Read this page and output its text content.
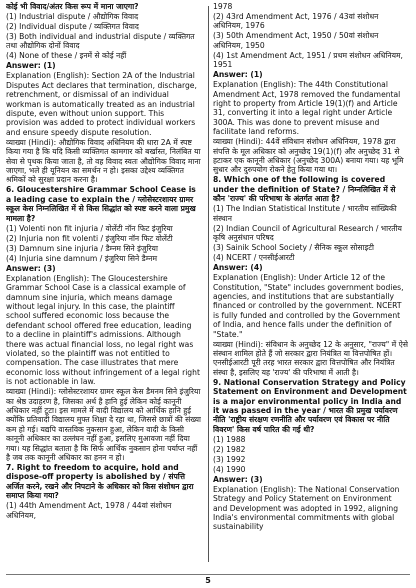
कोई भी विवाद/अंतर किस रूप में माना जाएगा?

(1) Industrial dispute / औद्योगिक विवाद

(2) Individual dispute / व्यक्तिगत विवाद

(3) Both individual and industrial dispute / व्यक्तिगत तथा औद्योगिक दोनों विवाद

(4) None of these / इनमें से कोई नहीं

Answer: (1)

Explanation (English): Section 2A of the Industrial Disputes Act declares that termination, discharge, retrenchment, or dismissal of an individual workman is automatically treated as an industrial dispute, even without union support. This provision was added to protect individual workers and ensure speedy dispute resolution.

व्याख्या (Hindi): औद्योगिक विवाद अधिनियम की धारा 2A में स्पष्ट किया गया है कि यदि किसी व्यक्तिगत कामगार को बर्खास्त, निलंबित या सेवा से पृथक किया जाता है, तो वह विवाद स्वतः औद्योगिक विवाद माना जाएगा, भले ही यूनियन का समर्थन न हो। इसका उद्देश्य व्यक्तिगत श्रमिकों को सुरक्षा प्रदान करना है।

6. Gloucestershire Grammar School Cease is a leading case to explain the / ग्लोसेस्टरशायर ग्रामर स्कूल केस निम्नलिखित में से किस सिद्धांत को स्पष्ट करने वाला प्रमुख मामला है?

(1) Volenti non fit injuria / वोलेंटी नॉन फिट इंजुरिया

(2) Injuria non fit volenti / इंजुरिया नॉन फिट वोलेंटी

(3) Damnum sine injuria / डैम्नम सिने इंजुरिया

(4) Injuria sine damnum / इंजुरिया सिने डैम्नम

Answer: (3)

Explanation (English): The Gloucestershire Grammar School Case is a classical example of damnum sine injuria, which means damage without legal injury. In this case, the plaintiff school suffered economic loss because the defendant school offered free education, leading to a decline in plaintiff's admissions. Although there was actual financial loss, no legal right was violated, so the plaintiff was not entitled to compensation. The case illustrates that mere economic loss without infringement of a legal right is not actionable in law.

व्याख्या (Hindi): ग्लोसेस्टरशायर ग्रामर स्कूल केस डैमनम सिने इंजुरिया का श्रेष्ठ उदाहरण है, जिसका अर्थ है हानि हुई लेकिन कोई कानूनी अधिकार नहीं टूटा। इस मामले में वादी विद्यालय को आर्थिक हानि हुई क्योंकि प्रतिवादी विद्यालय मुफ्त शिक्षा दे रहा था, जिससे छात्रों की संख्या कम हो गई। यद्यपि वास्तविक नुकसान हुआ, लेकिन वादी के किसी कानूनी अधिकार का उल्लंघन नहीं हुआ, इसलिए मुआवजा नहीं दिया गया। यह सिद्धांत बताता है कि सिर्फ आर्थिक नुकसान होना पर्याप्त नहीं है जब तक कानूनी अधिकार का हनन न हो।

7. Right to freedom to acquire, hold and dispose-off property is abolished by / संपत्ति अर्जित करने, रखने और निपटाने के अधिकार को किस संशोधन द्वारा समाप्त किया गया?

(1) 44th Amendment Act, 1978 / 44वां संशोधन अधिनियम,

1978

(2) 43rd Amendment Act, 1976 / 43वां संशोधन अधिनियम, 1976

(3) 50th Amendment Act, 1950 / 50वां संशोधन अधिनियम, 1950

(4) 1st Amendment Act, 1951 / प्रथम संशोधन अधिनियम, 1951

Answer: (1)

Explanation (English): The 44th Constitutional Amendment Act, 1978 removed the fundamental right to property from Article 19(1)(f) and Article 31, converting it into a legal right under Article 300A. This was done to prevent misuse and facilitate land reforms.

व्याख्या (Hindi): 44वें संविधान संशोधन अधिनियम, 1978 द्वारा संपत्ति के मूल अधिकार को अनुच्छेद 19(1)(f) और अनुच्छेद 31 से हटाकर एक कानूनी अधिकार (अनुच्छेद 300A) बनाया गया। यह भूमि सुधार और दुरुपयोग रोकने हेतु किया गया था।

8. Which one of the following is covered under the definition of State? / निम्नलिखित में से कौन 'राज्य' की परिभाषा के अंतर्गत आता है?

(1) The Indian Statistical Institute / भारतीय सांख्यिकी संस्थान

(2) Indian Council of Agricultural Research / भारतीय कृषि अनुसंधान परिषद

(3) Sainik School Society / सैनिक स्कूल सोसाइटी

(4) NCERT / एनसीईआरटी

Answer: (4)

Explanation (English): Under Article 12 of the Constitution, "State" includes government bodies, agencies, and institutions that are substantially financed or controlled by the government. NCERT is fully funded and controlled by the Government of India, and hence falls under the definition of "State."

व्याख्या (Hindi): संविधान के अनुच्छेद 12 के अनुसार, "राज्य" में ऐसे संस्थान शामिल होते हैं जो सरकार द्वारा नियंत्रित या वित्तपोषित हों। एनसीईआरटी पूरी तरह भारत सरकार द्वारा वित्तपोषित और नियंत्रित संस्था है, इसलिए यह 'राज्य' की परिभाषा में आती है।

9. National Conservation Strategy and Policy Statement on Environment and Development is a major environmental policy in India and it was passed in the year / भारत की प्रमुख पर्यावरण नीति 'राष्ट्रीय संरक्षण रणनीति और पर्यावरण एवं विकास पर नीति विवरण' किस वर्ष पारित की गई थी?

(1) 1988

(2) 1982

(3) 1992

(4) 1990

Answer: (3)

Explanation (English): The National Conservation Strategy and Policy Statement on Environment and Development was adopted in 1992, aligning India's environmental commitments with global sustainability

5
